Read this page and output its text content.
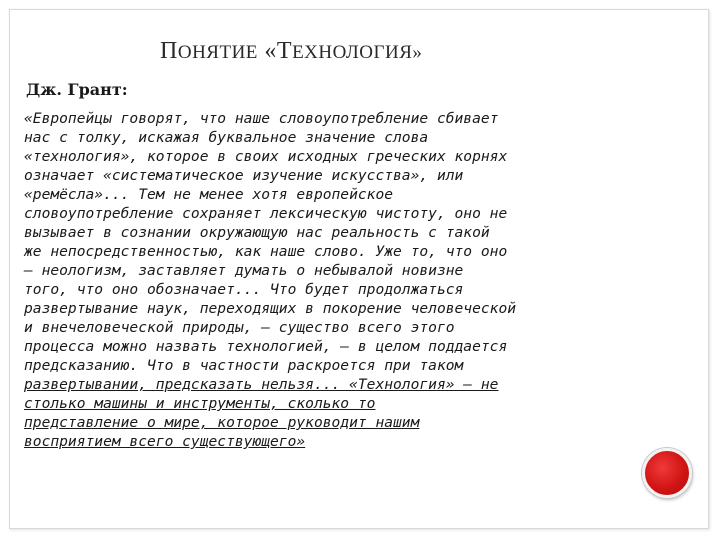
ПОНЯТИЕ «ТЕХНОЛОГИЯ»

Дж. Грант:

«Европейцы говорят, что наше словоупотребление сбивает
нас с толку, искажая буквальное значение слова
«технология», которое в своих исходных греческих корнях
означает «систематическое изучение искусства», или
«ремёсла»... Тем не менее хотя европейское
словоупотребление сохраняет лексическую чистоту, оно не
вызывает в сознании окружающую нас реальность с такой
же непосредственностью, как наше слово. Уже то, что оно
— неологизм, заставляет думать о небывалой новизне
того, что оно обозначает... Что будет продолжаться
развертывание наук, переходящих в покорение человеческой
и внечеловеческой природы, — существо всего этого
процесса можно назвать технологией, — в целом поддается
предсказанию. Что в частности раскроется при таком
развертывании, предсказать нельзя... «Технология» — не
столько машины и инструменты, сколько то
представление о мире, которое руководит нашим
восприятием всего существующего»
